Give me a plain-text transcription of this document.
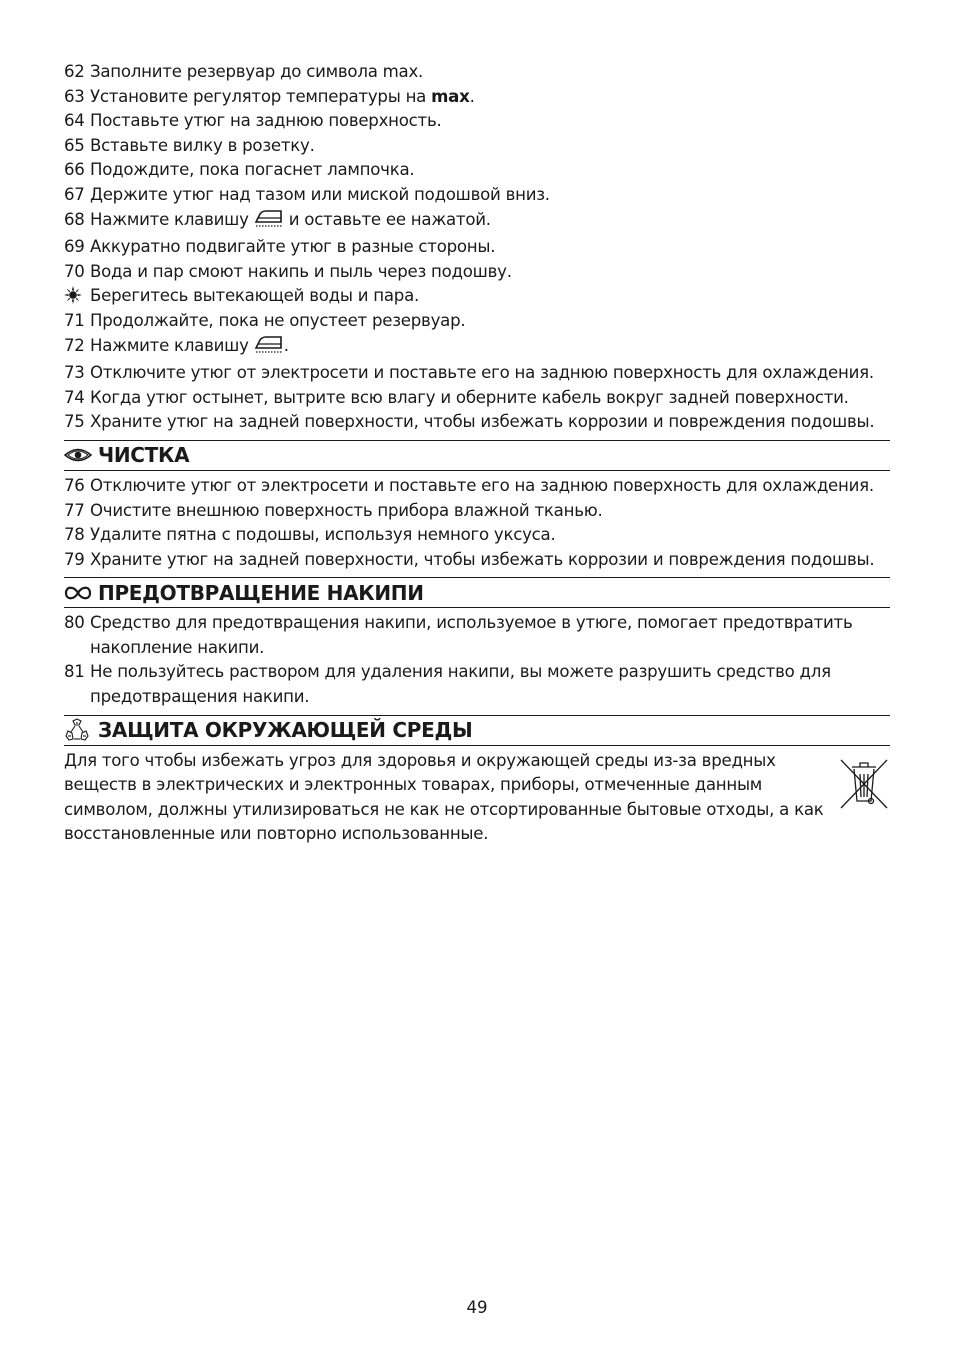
62 Заполните резервуар до символа max.
63 Установите регулятор температуры на max.
64 Поставьте утюг на заднюю поверхность.
65 Вставьте вилку в розетку.
66 Подождите, пока погаснет лампочка.
67 Держите утюг над тазом или миской подошвой вниз.
68 Нажмите клавишу  и оставьте ее нажатой.
69 Аккуратно подвигайте утюг в разные стороны.
70 Вода и пар смоют накипь и пыль через подошву.
Берегитесь вытекающей воды и пара.
71 Продолжайте, пока не опустеет резервуар.
72 Нажмите клавишу .
73 Отключите утюг от электросети и поставьте его на заднюю поверхность для охлаждения.
74 Когда утюг остынет, вытрите всю влагу и оберните кабель вокруг задней поверхности.
75 Храните утюг на задней поверхности, чтобы избежать коррозии и повреждения подошвы.
ЧИСТКА
76 Отключите утюг от электросети и поставьте его на заднюю поверхность для охлаждения.
77 Очистите внешнюю поверхность прибора влажной тканью.
78 Удалите пятна с подошвы, используя немного уксуса.
79 Храните утюг на задней поверхности, чтобы избежать коррозии и повреждения подошвы.
ПРЕДОТВРАЩЕНИЕ НАКИПИ
80 Средство для предотвращения накипи, используемое в утюге, помогает предотвратить накопление накипи.
81 Не пользуйтесь раствором для удаления накипи, вы можете разрушить средство для предотвращения накипи.
ЗАЩИТА ОКРУЖАЮЩЕЙ СРЕДЫ
Для того чтобы избежать угроз для здоровья и окружающей среды из-за вредных веществ в электрических и электронных товарах, приборы, отмеченные данным символом, должны утилизироваться не как не отсортированные бытовые отходы, а как восстановленные или повторно использованные.
49
